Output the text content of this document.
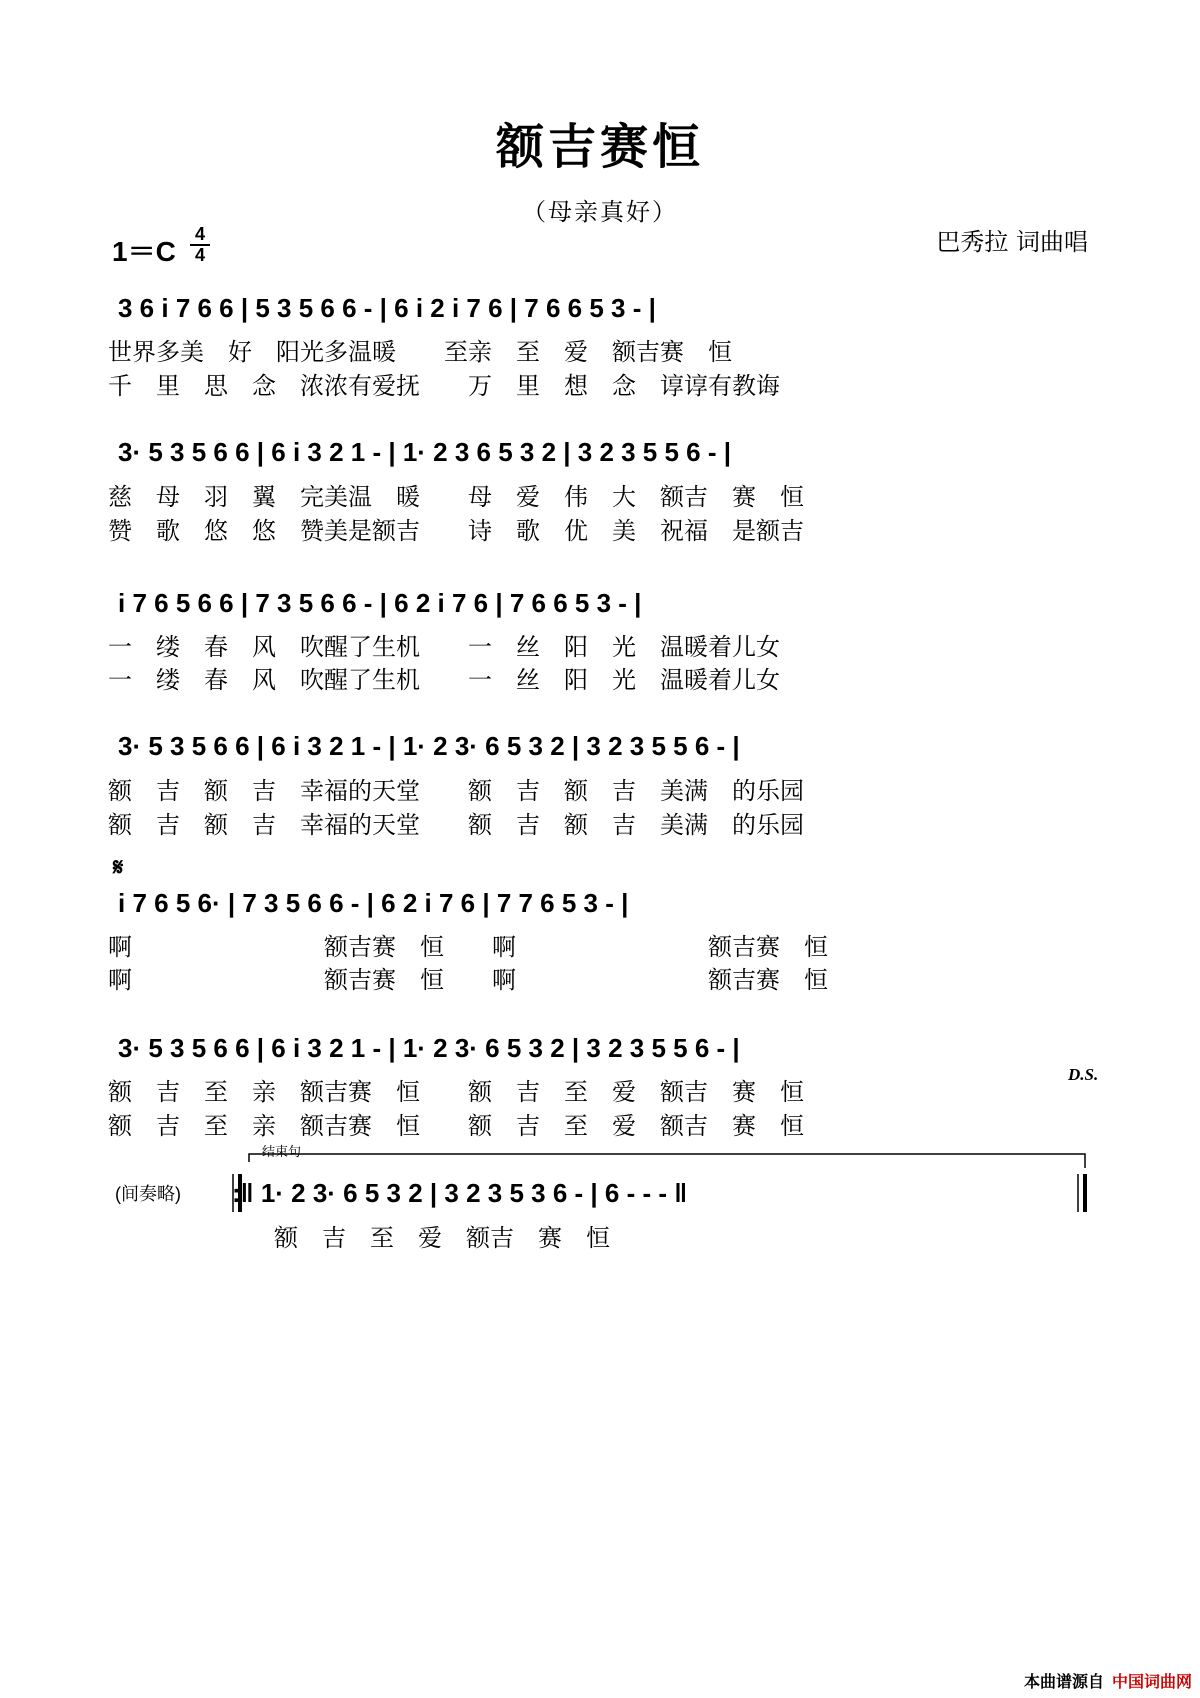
额吉赛恒
（母亲真好）
1＝C
4
4	巴秀拉 词曲唱
3 6 i 7 6 6 | 5 3 5 6 6 - | 6 i 2 i 7 6 | 7 6 6 5 3 - |
世界多美　好　阳光多温暖　　至亲　至　爱　额吉赛　恒
千　里　思　念　浓浓有爱抚　　万　里　想　念　谆谆有教诲
3· 5 3 5 6 6 | 6 i 3 2 1 - | 1· 2 3 6 5 3 2 | 3 2 3 5 5 6 - |
慈　母　羽　翼　完美温　暖　　母　爱　伟　大　额吉　赛　恒
赞　歌　悠　悠　赞美是额吉　　诗　歌　优　美　祝福　是额吉
i 7 6 5 6 6 | 7 3 5 6 6 - | 6 2 i 7 6 | 7 6 6 5 3 - |
一　缕　春　风　吹醒了生机　　一　丝　阳　光　温暖着儿女
一　缕　春　风　吹醒了生机　　一　丝　阳　光　温暖着儿女
3· 5 3 5 6 6 | 6 i 3 2 1 - | 1· 2 3· 6 5 3 2 | 3 2 3 5 5 6 - |
额　吉　额　吉　幸福的天堂　　额　吉　额　吉　美满　的乐园
额　吉　额　吉　幸福的天堂　　额　吉　额　吉　美满　的乐园
𝄋
i 7 6 5 6· | 7 3 5 6 6 - | 6 2 i 7 6 | 7 7 6 5 3 - |
啊　　　　　　　　额吉赛　恒　　啊　　　　　　　　额吉赛　恒
啊　　　　　　　　额吉赛　恒　　啊　　　　　　　　额吉赛　恒
3· 5 3 5 6 6 | 6 i 3 2 1 - | 1· 2 3· 6 5 3 2 | 3 2 3 5 5 6 - |
D.S.
额　吉　至　亲　额吉赛　恒　　额　吉　至　爱　额吉　赛　恒
额　吉　至　亲　额吉赛　恒　　额　吉　至　爱　额吉　赛　恒
(间奏略)
结束句
:‖ 1· 2 3· 6 5 3 2 | 3 2 3 5 3 6 - | 6 - - - ‖
额　吉　至　爱　额吉　赛　恒
本曲谱源自 中国词曲网
